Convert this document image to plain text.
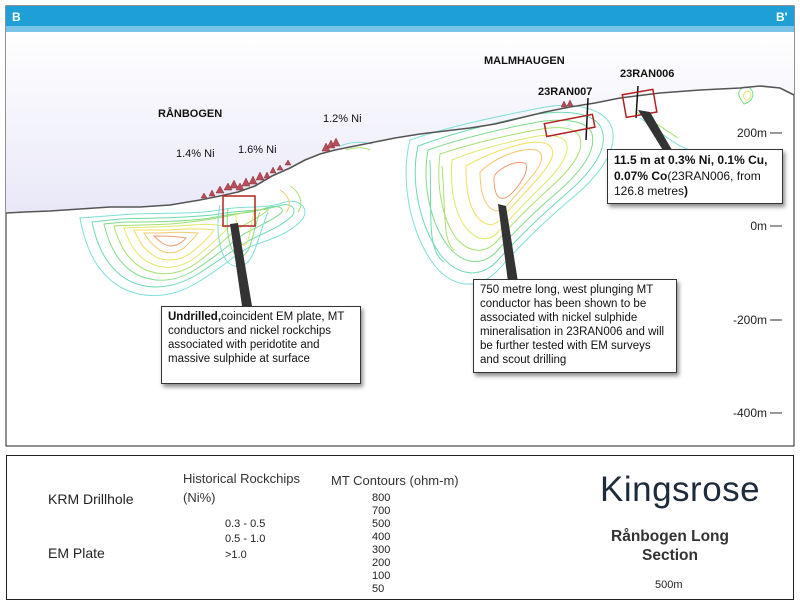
200m
0m
-200m
-400m
B	B'
RÅNBOGEN
MALMHAUGEN
23RAN007
23RAN006
1.4% Ni 1.6% Ni
1.2% Ni
11.5 m at 0.3% Ni, 0.1% Cu, 0.07% Co(23RAN006, from 126.8 metres)
750 metre long, west plunging MT conductor has been shown to be associated with nickel sulphide mineralisation in 23RAN006 and will be further tested with EM surveys and scout drilling
Undrilled,coincident EM plate, MT conductors and nickel rockchips associated with peridotite and massive sulphide at surface
KRM Drillhole
EM Plate
Historical Rockchips (Ni%)
0.3 - 0.5
0.5 - 1.0
>1.0
MT Contours (ohm-m)
800
700
500
400
300
200
100
50
Kingsrose
Rånbogen Long
Section
500m
